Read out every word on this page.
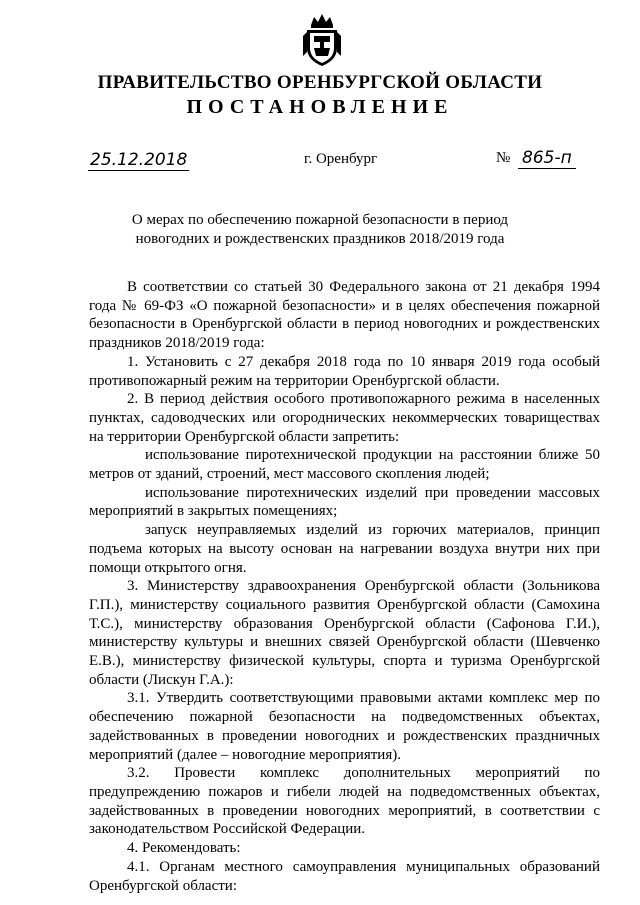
ПРАВИТЕЛЬСТВО ОРЕНБУРГСКОЙ ОБЛАСТИ
ПОСТАНОВЛЕНИЕ
25.12.2018	г. Оренбург	№ 865-п
О мерах по обеспечению пожарной безопасности в период новогодних и рождественских праздников 2018/2019 года

В соответствии со статьей 30 Федерального закона от 21 декабря 1994 года № 69-ФЗ «О пожарной безопасности» и в целях обеспечения пожарной безопасности в Оренбургской области в период новогодних и рождественских праздников 2018/2019 года:

1. Установить с 27 декабря 2018 года по 10 января 2019 года особый противопожарный режим на территории Оренбургской области.

2. В период действия особого противопожарного режима в населенных пунктах, садоводческих или огороднических некоммерческих товариществах на территории Оренбургской области запретить:

использование пиротехнической продукции на расстоянии ближе 50 метров от зданий, строений, мест массового скопления людей;

использование пиротехнических изделий при проведении массовых мероприятий в закрытых помещениях;

запуск неуправляемых изделий из горючих материалов, принцип подъема которых на высоту основан на нагревании воздуха внутри них при помощи открытого огня.

3. Министерству здравоохранения Оренбургской области (Зольникова Г.П.), министерству социального развития Оренбургской области (Самохина Т.С.), министерству образования Оренбургской области (Сафонова Г.И.), министерству культуры и внешних связей Оренбургской области (Шевченко Е.В.), министерству физической культуры, спорта и туризма Оренбургской области (Лискун Г.А.):

3.1. Утвердить соответствующими правовыми актами комплекс мер по обеспечению пожарной безопасности на подведомственных объектах, задействованных в проведении новогодних и рождественских праздничных мероприятий (далее – новогодние мероприятия).

3.2. Провести комплекс дополнительных мероприятий по предупреждению пожаров и гибели людей на подведомственных объектах, задействованных в проведении новогодних мероприятий, в соответствии с законодательством Российской Федерации.

4. Рекомендовать:

4.1. Органам местного самоуправления муниципальных образований Оренбургской области:
